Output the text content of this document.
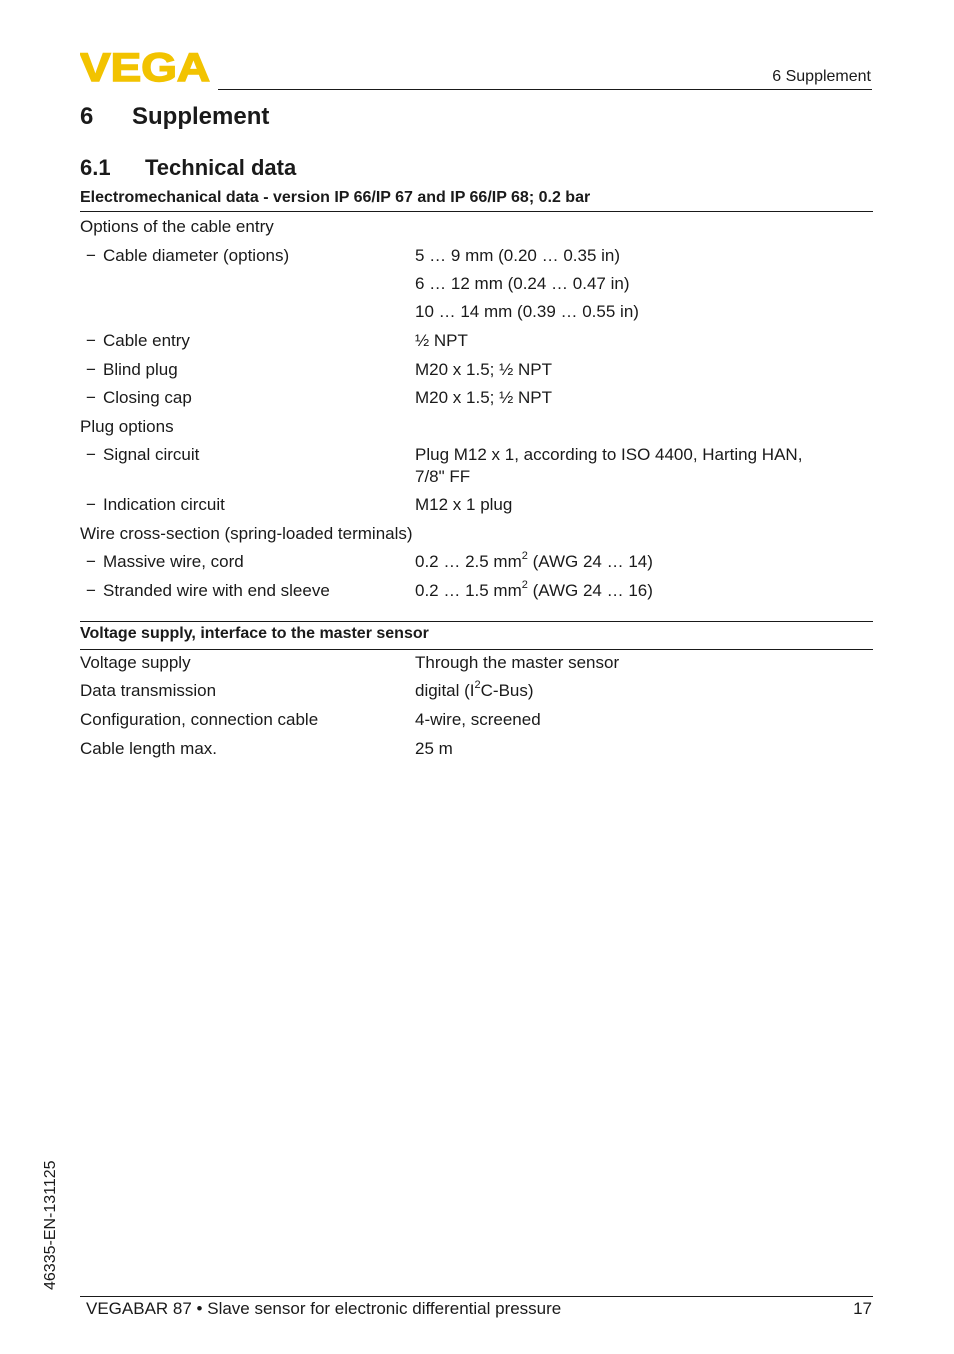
VEGA	6 Supplement
6 Supplement
6.1 Technical data
Electromechanical data - version IP 66/IP 67 and IP 66/IP 68; 0.2 bar
Options of the cable entry
− Cable diameter (options)	5 … 9 mm (0.20 … 0.35 in)
6 … 12 mm (0.24 … 0.47 in)
10 … 14 mm (0.39 … 0.55 in)
− Cable entry	½ NPT
− Blind plug	M20 x 1.5; ½ NPT
− Closing cap	M20 x 1.5; ½ NPT
Plug options
− Signal circuit	Plug M12 x 1, according to ISO 4400, Harting HAN,
7/8" FF
− Indication circuit	M12 x 1 plug
Wire cross-section (spring-loaded terminals)
− Massive wire, cord	0.2 … 2.5 $mm^2$ (AWG 24 … 14)
− Stranded wire with end sleeve	0.2 … 1.5 $mm^2$ (AWG 24 … 16)
Voltage supply, interface to the master sensor
Voltage supply	Through the master sensor
Data transmission	digital $(I^2C-Bus)$
Configuration, connection cable	4-wire, screened
Cable length max.	25 m
46335-EN-131125
VEGABAR 87 • Slave sensor for electronic differential pressure	17
